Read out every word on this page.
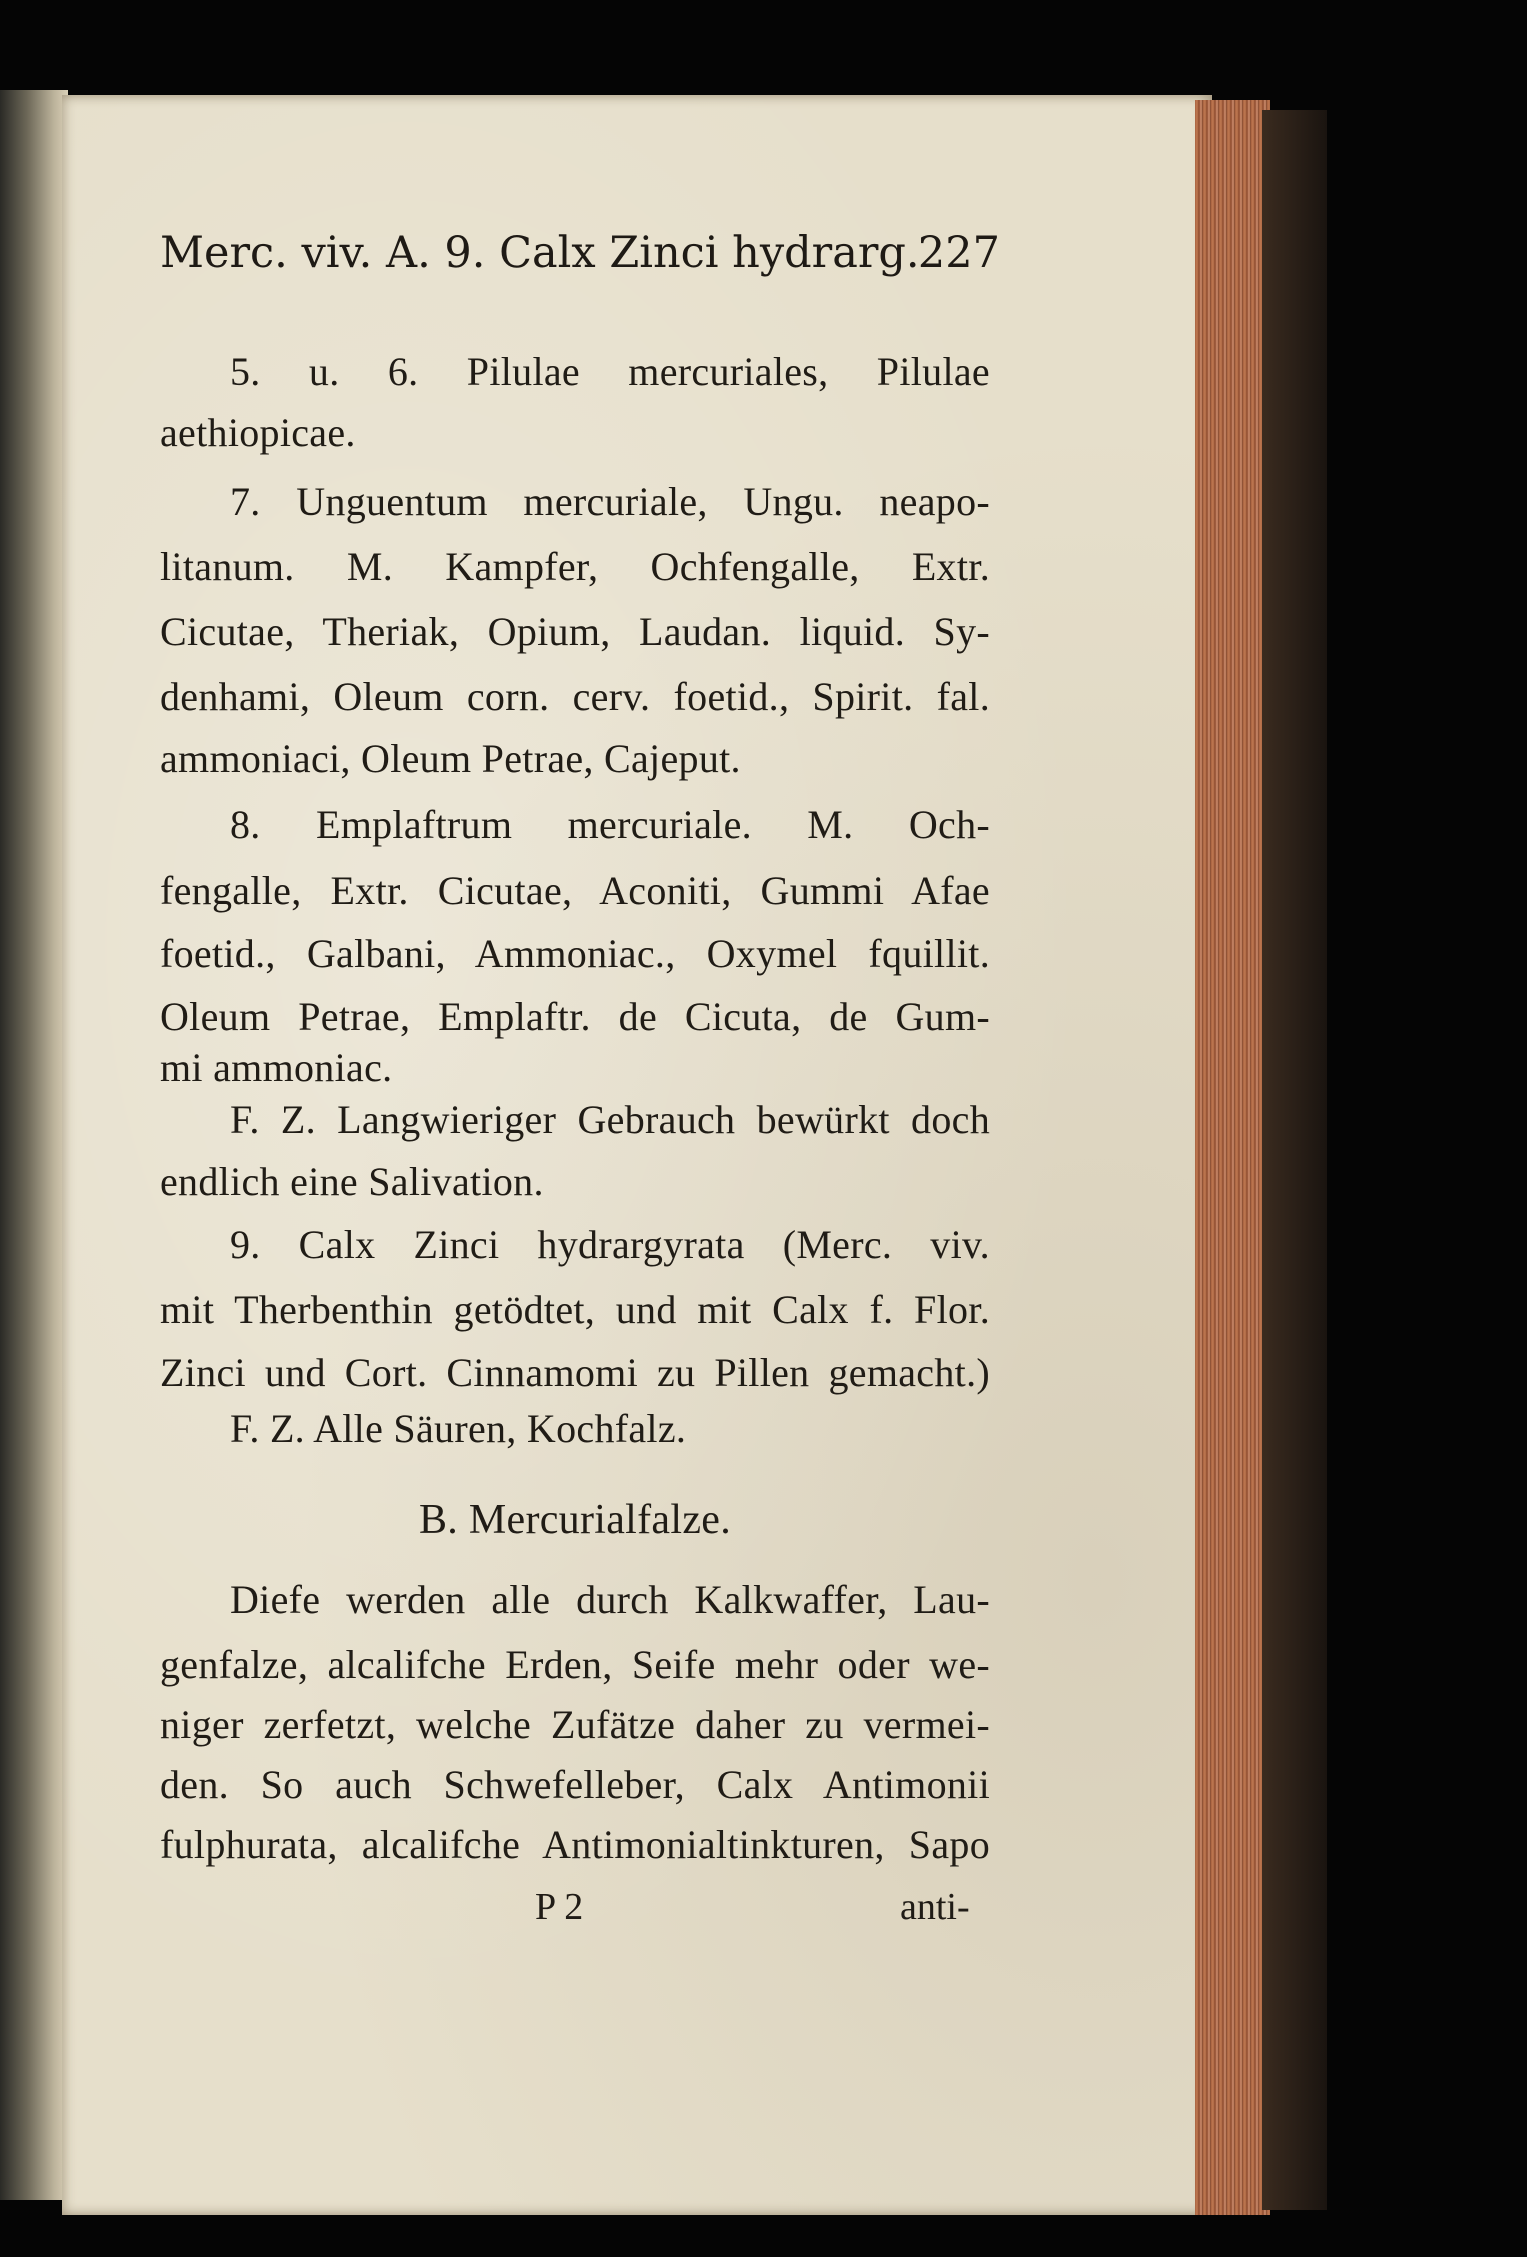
Merc. viv. A. 9. Calx Zinci hydrarg.
227
5. u. 6. Pilulae mercuriales, Pilulae
aethiopicae.
7. Unguentum mercuriale, Ungu. neapo-
litanum. M. Kampfer, Ochfengalle, Extr.
Cicutae, Theriak, Opium, Laudan. liquid. Sy-
denhami, Oleum corn. cerv. foetid., Spirit. fal.
ammoniaci, Oleum Petrae, Cajeput.
8. Emplaftrum mercuriale. M. Och-
fengalle, Extr. Cicutae, Aconiti, Gummi Afae
foetid., Galbani, Ammoniac., Oxymel fquillit.
Oleum Petrae, Emplaftr. de Cicuta, de Gum-
mi ammoniac.
F. Z. Langwieriger Gebrauch bewürkt doch
endlich eine Salivation.
9. Calx Zinci hydrargyrata (Merc. viv.
mit Therbenthin getödtet, und mit Calx f. Flor.
Zinci und Cort. Cinnamomi zu Pillen gemacht.)
F. Z. Alle Säuren, Kochfalz.
B. Mercurialfalze.
Diefe werden alle durch Kalkwaffer, Lau-
genfalze, alcalifche Erden, Seife mehr oder we-
niger zerfetzt, welche Zufätze daher zu vermei-
den. So auch Schwefelleber, Calx Antimonii
fulphurata, alcalifche Antimonialtinkturen, Sapo
P 2	anti-
